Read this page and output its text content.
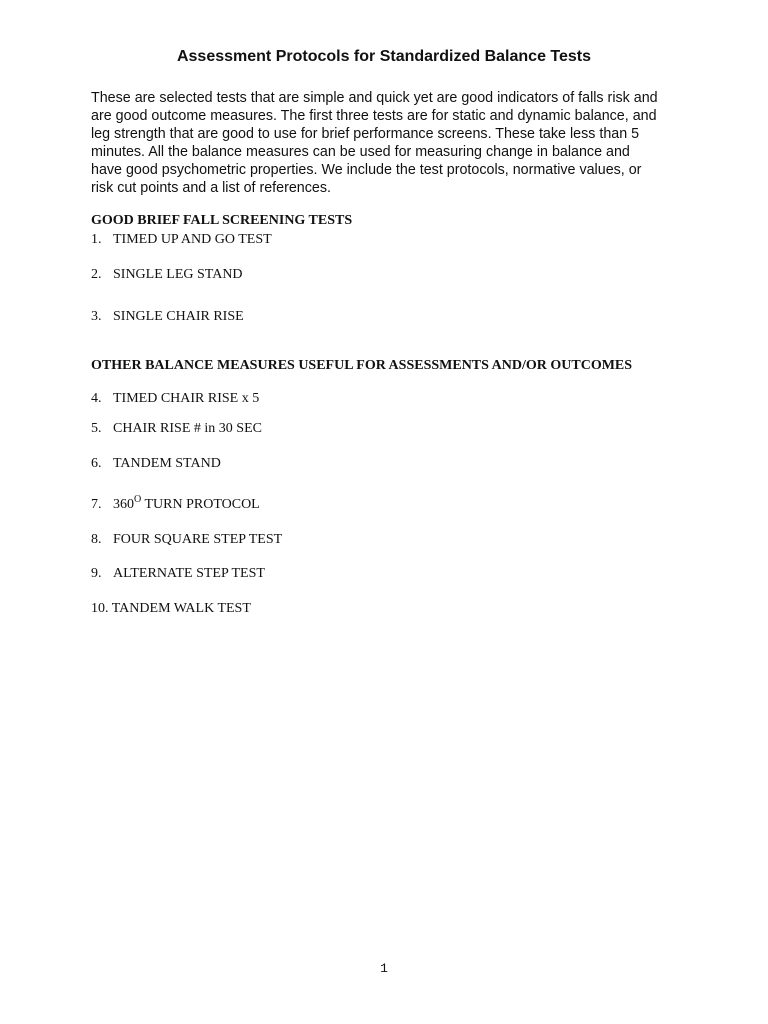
Assessment Protocols for Standardized Balance Tests

These are selected tests that are simple and quick yet are good indicators of falls risk and
are good outcome measures. The first three tests are for static and dynamic balance, and
leg strength that are good to use for brief performance screens. These take less than 5
minutes. All the balance measures can be used for measuring change in balance and
have good psychometric properties. We include the test protocols, normative values, or
risk cut points and a list of references.

GOOD BRIEF FALL SCREENING TESTS
1. TIMED UP AND GO TEST
2. SINGLE LEG STAND
3. SINGLE CHAIR RISE
OTHER BALANCE MEASURES USEFUL FOR ASSESSMENTS AND/OR OUTCOMES
4. TIMED CHAIR RISE x 5
5. CHAIR RISE # in 30 SEC
6. TANDEM STAND
7. $360^O$ TURN PROTOCOL
8. FOUR SQUARE STEP TEST
9. ALTERNATE STEP TEST
10. TANDEM WALK TEST
1
